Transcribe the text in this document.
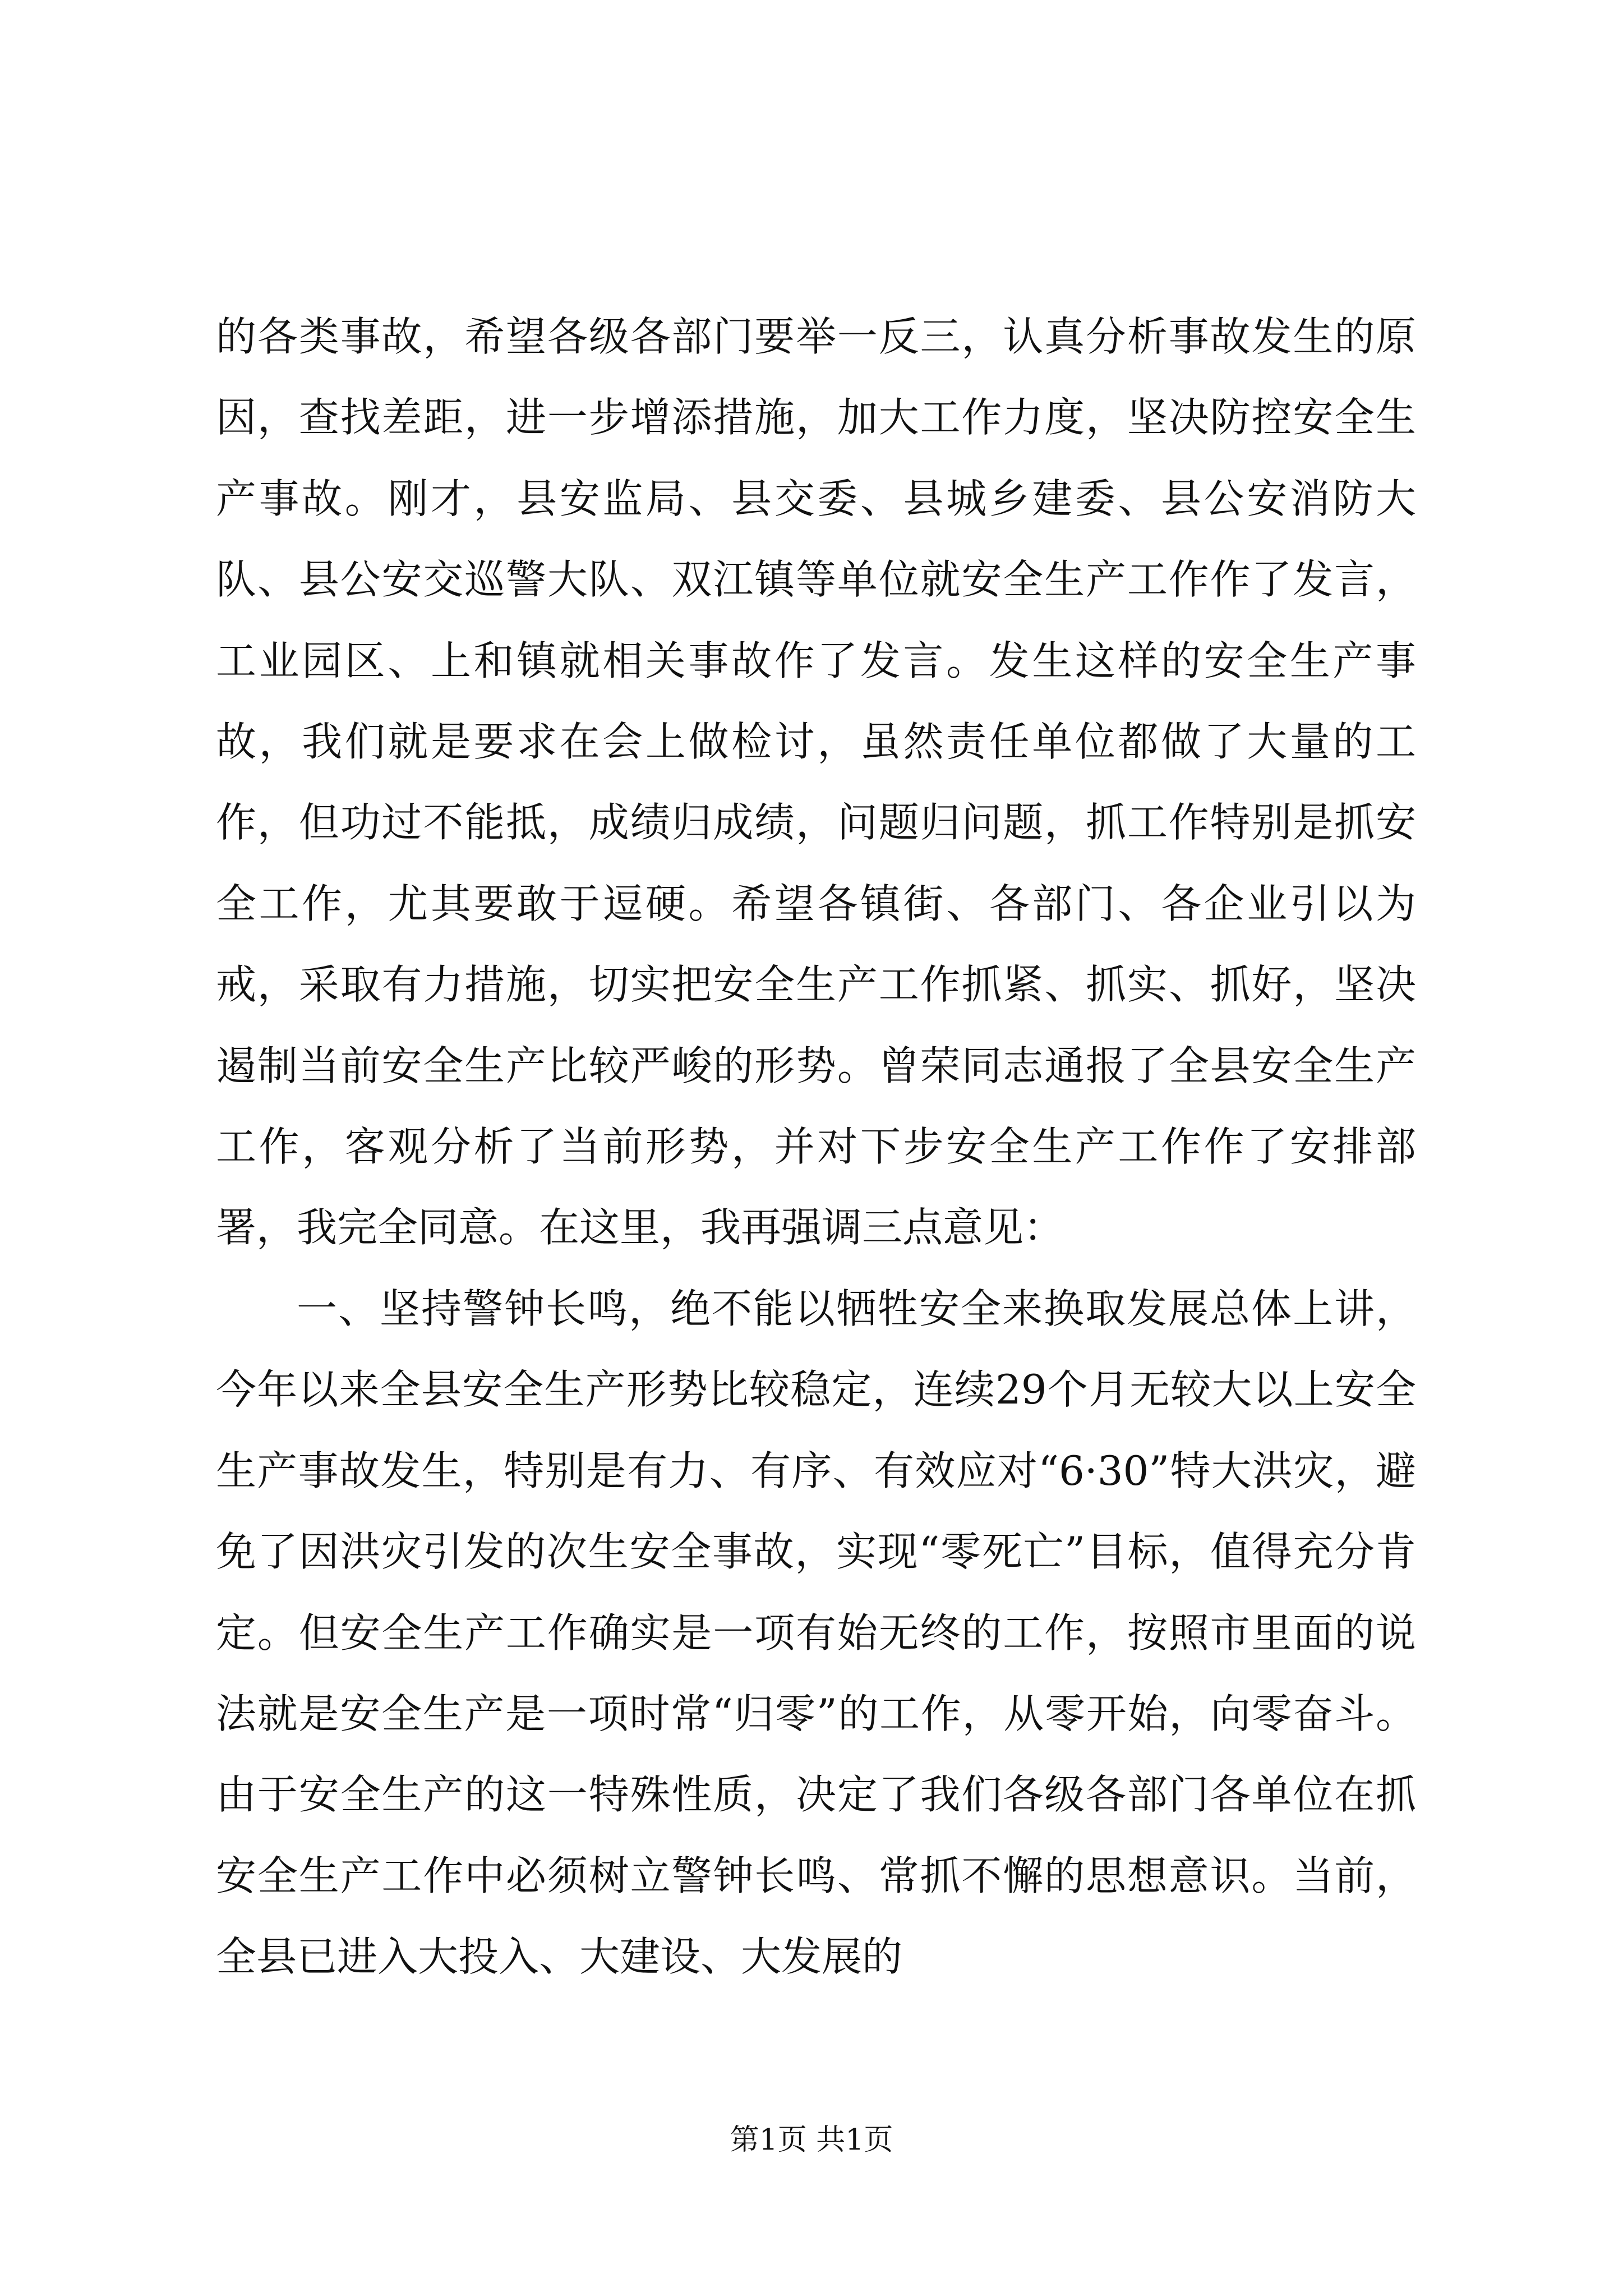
的各类事故，希望各级各部门要举一反三，认真分析事故发生的原因，查找差距，进一步增添措施，加大工作力度，坚决防控安全生产事故。刚才，县安监局、县交委、县城乡建委、县公安消防大队、县公安交巡警大队、双江镇等单位就安全生产工作作了发言，工业园区、上和镇就相关事故作了发言。发生这样的安全生产事故，我们就是要求在会上做检讨，虽然责任单位都做了大量的工作，但功过不能抵，成绩归成绩，问题归问题，抓工作特别是抓安全工作，尤其要敢于逗硬。希望各镇街、各部门、各企业引以为戒，采取有力措施，切实把安全生产工作抓紧、抓实、抓好，坚决遏制当前安全生产比较严峻的形势。曾荣同志通报了全县安全生产工作，客观分析了当前形势，并对下步安全生产工作作了安排部署，我完全同意。在这里，我再强调三点意见：

一、坚持警钟长鸣，绝不能以牺牲安全来换取发展总体上讲，今年以来全县安全生产形势比较稳定，连续29个月无较大以上安全生产事故发生，特别是有力、有序、有效应对“6·30”特大洪灾，避免了因洪灾引发的次生安全事故，实现“零死亡”目标，值得充分肯定。但安全生产工作确实是一项有始无终的工作，按照市里面的说法就是安全生产是一项时常“归零”的工作，从零开始，向零奋斗。由于安全生产的这一特殊性质，决定了我们各级各部门各单位在抓安全生产工作中必须树立警钟长鸣、常抓不懈的思想意识。当前，全县已进入大投入、大建设、大发展的

第1页 共1页
